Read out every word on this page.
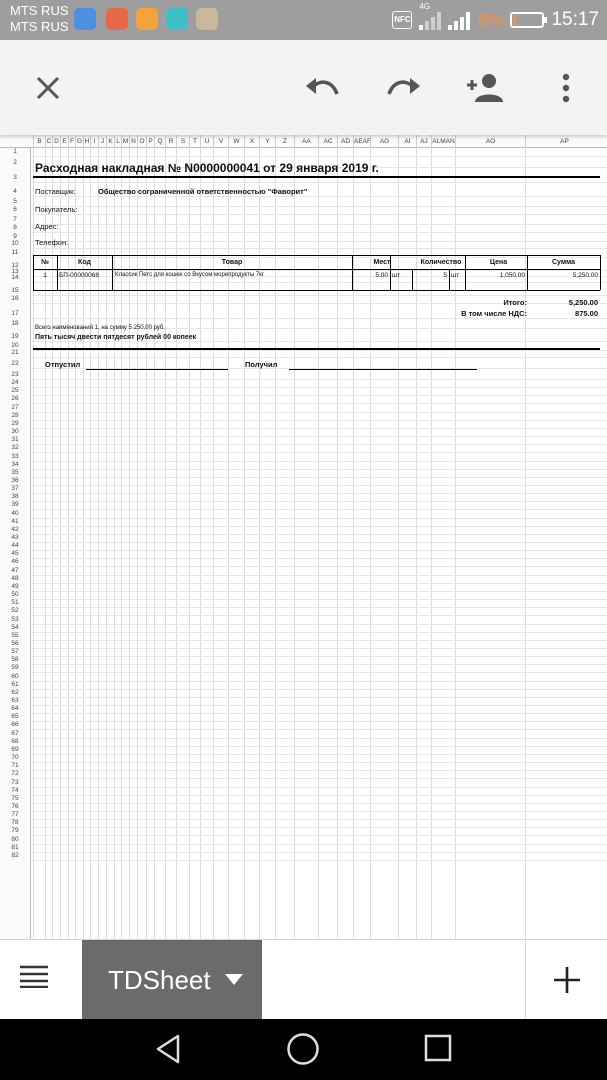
MTS RUS
MTS RUS	NFC
4G
8%	15:17
B C D E F G H I J K L M N O P Q R	S	T	U	V	W	X	Y	Z	AA	AC	AD AEAF	AG	AI	AJ ALMAN	AO	AP
1
2
3
4
5
6
7
8
9
10
11
12
13
14
15
16
17
18
19
20
21
22
23
24
25
26
27
28
29
30
31
32
33
34
35
36
37
38
39
40
41
42
43
44
45
46
47
48
49
50
51
52
53
54
55
56
57
58
59
60
61
62
63
64
65
66
67
68
69
70
71
72
73
74
75
76
77
78
79
80
81
82
Расходная накладная № N0000000041 от 29 января 2019 г.
Поставщик:	Общество сограниченной ответственностью "Фаворит"
Покупатель:
Адрес:
Телефон:
№	Код	Товар	Мест	Количество	Цена	Сумма
1	БП-00000068	Классик Петс для кошек со Вкусом морепродукты 7кг	5.00 шт	5 шт	1,050.00	5,250.00
Итого:	5,250.00
В том числе НДС:	875.00
Всего наименований 1, на сумму 5 250,00 руб.
Пять тысяч двести пятдесят рублей 00 копеек
Отпустил	Получил
TDSheet
